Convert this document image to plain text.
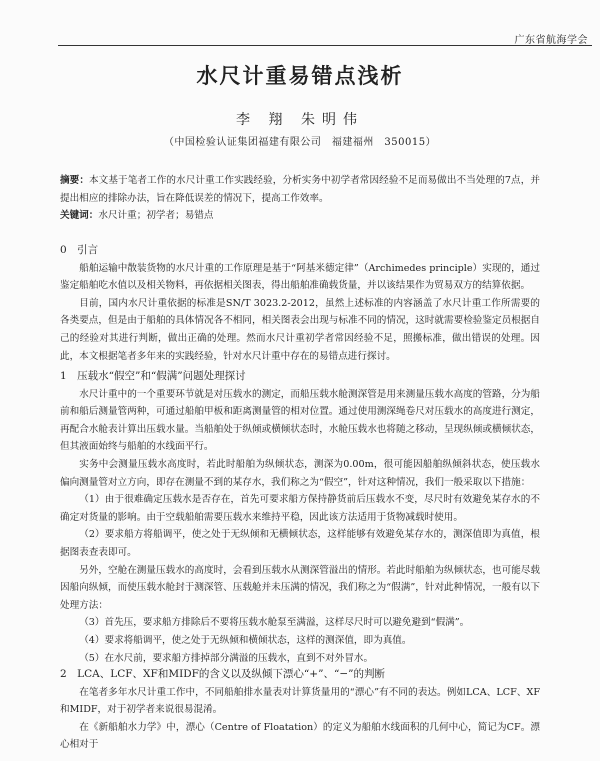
广东省航海学会
水尺计重易错点浅析
李 翔 朱明伟
（中国检验认证集团福建有限公司　福建福州　350015）

摘要：本文基于笔者工作的水尺计重工作实践经验，分析实务中初学者常因经验不足而易做出不当处理的7点，并提出相应的排除办法，旨在降低误差的情况下，提高工作效率。

关键词：水尺计重；初学者；易错点

0　引言

船舶运输中散装货物的水尺计重的工作原理是基于“阿基米德定律”（Archimedes principle）实现的，通过鉴定船舶吃水值以及相关物料，再依据相关图表，得出船舶准确载货量，并以该结果作为贸易双方的结算依据。

目前，国内水尺计重依据的标准是SN/T 3023.2-2012，虽然上述标准的内容涵盖了水尺计重工作所需要的各类要点，但是由于船舶的具体情况各不相同，相关图表会出现与标准不同的情况，这时就需要检验鉴定员根据自己的经验对其进行判断，做出正确的处理。然而水尺计重初学者常因经验不足，照搬标准，做出错误的处理。因此，本文根据笔者多年来的实践经验，针对水尺计重中存在的易错点进行探讨。

1　压载水“假空”和“假满”问题处理探讨

水尺计重中的一个重要环节就是对压载水的测定，而船压载水舱测深管是用来测量压载水高度的管路，分为船前和船后测量管两种，可通过船舶甲板和距离测量管的相对位置。通过使用测深绳卷尺对压载水的高度进行测定，再配合水舱表计算出压载水量。当船舶处于纵倾或横倾状态时，水舱压载水也将随之移动，呈现纵倾或横倾状态，但其液面始终与船舶的水线面平行。

实务中会测量压载水高度时，若此时船舶为纵倾状态，测深为0.00m，很可能因船舶纵倾斜状态，使压载水偏向测量管对立方向，即存在测量不到的某存水，我们称之为“假空”，针对这种情况，我们一般采取以下措施：

（1）由于很难确定压载水是否存在，首先可要求船方保持静货前后压载水不变，尽尺时有效避免某存水的不确定对货量的影响。由于空载船舶需要压载水来维持平稳，因此该方法适用于货物减载时使用。

（2）要求船方将船调平，使之处于无纵倾和无横倾状态，这样能够有效避免某存水的，测深值即为真值，根据图表查表即可。

另外，空舱在测量压载水的高度时，会看到压载水从测深管溢出的情形。若此时船舶为纵倾状态，也可能尽载因船向纵倾，而使压载水舱封于测深管、压载舱并未压满的情况，我们称之为“假满”，针对此种情况，一般有以下处理方法：

（3）首先压，要求船方排除后不要将压载水舱泵至满溢，这样尽尺时可以避免避到“假满”。

（4）要求将船调平，使之处于无纵倾和横倾状态，这样的测深值，即为真值。

（5）在水尺前，要求船方排掉部分满溢的压载水，直到不对外冒水。

2　LCA、LCF、XF和MIDF的含义以及纵倾下漂心“+”、“−”的判断

在笔者多年水尺计重工作中，不同船舶排水量表对计算货量用的“漂心”有不同的表达。例如LCA、LCF、XF和MIDF，对于初学者来说很易混淆。

在《新船舶水力学》中，漂心（Centre of Floatation）的定义为船舶水线面积的几何中心，简记为CF。漂心相对于
